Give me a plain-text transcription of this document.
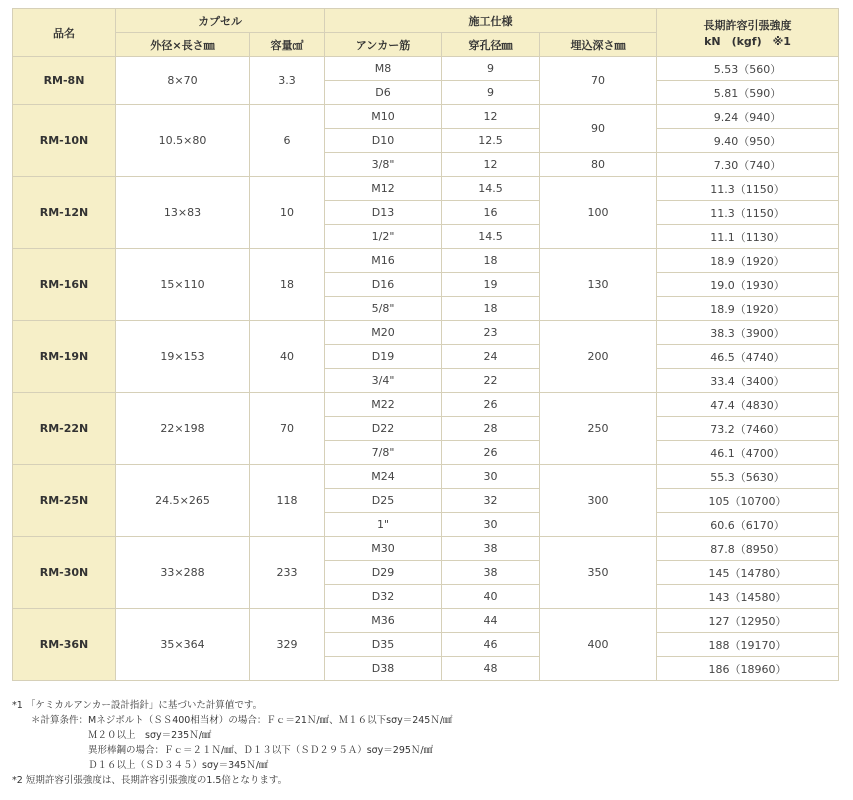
品名	カプセル		施工仕様			長期許容引張強度
kN　(kgf)　※1

	外径×長さ㎜	容量㎤	アンカー筋	穿孔径㎜	埋込深さ㎜	
RM-8N	8×70	3.3	M8	9	70	5.53（560）
			D6	9		5.81（590）
RM-10N	10.5×80	6	M10	12	90	9.24（940）
			D10	12.5		9.40（950）
			3/8"	12	80	7.30（740）
RM-12N	13×83	10	M12	14.5	100	11.3（1150）
			D13	16		11.3（1150）
			1/2"	14.5		11.1（1130）
RM-16N	15×110	18	M16	18	130	18.9（1920）
			D16	19		19.0（1930）
			5/8"	18		18.9（1920）
RM-19N	19×153	40	M20	23	200	38.3（3900）
			D19	24		46.5（4740）
			3/4"	22		33.4（3400）
RM-22N	22×198	70	M22	26	250	47.4（4830）
			D22	28		73.2（7460）
			7/8"	26		46.1（4700）
RM-25N	24.5×265	118	M24	30	300	55.3（5630）
			D25	32		105（10700）
			1"	30		60.6（6170）
RM-30N	33×288	233	M30	38	350	87.8（8950）
			D29	38		145（14780）
			D32	40		143（14580）
RM-36N	35×364	329	M36	44	400	127（12950）
			D35	46		188（19170）
			D38	48		186（18960）
*1 「ケミカルアンカー設計指針」に基づいた計算値です。
　　＊計算条件：Mネジボルト（ＳＳ400相当材）の場合：Ｆｃ＝21Ｎ/㎟、Ｍ１６以下sσy＝245Ｎ/㎟
　　　　　　　　Ｍ２０以上　sσy＝235Ｎ/㎟
　　　　　　　　異形棒鋼の場合：Ｆｃ＝２１Ｎ/㎟、Ｄ１３以下（ＳＤ２９５Ａ）sσy＝295Ｎ/㎟
　　　　　　　　Ｄ１６以上（ＳＤ３４５）sσy＝345Ｎ/㎟
*2 短期許容引張強度は、長期許容引張強度の1.5倍となります。
